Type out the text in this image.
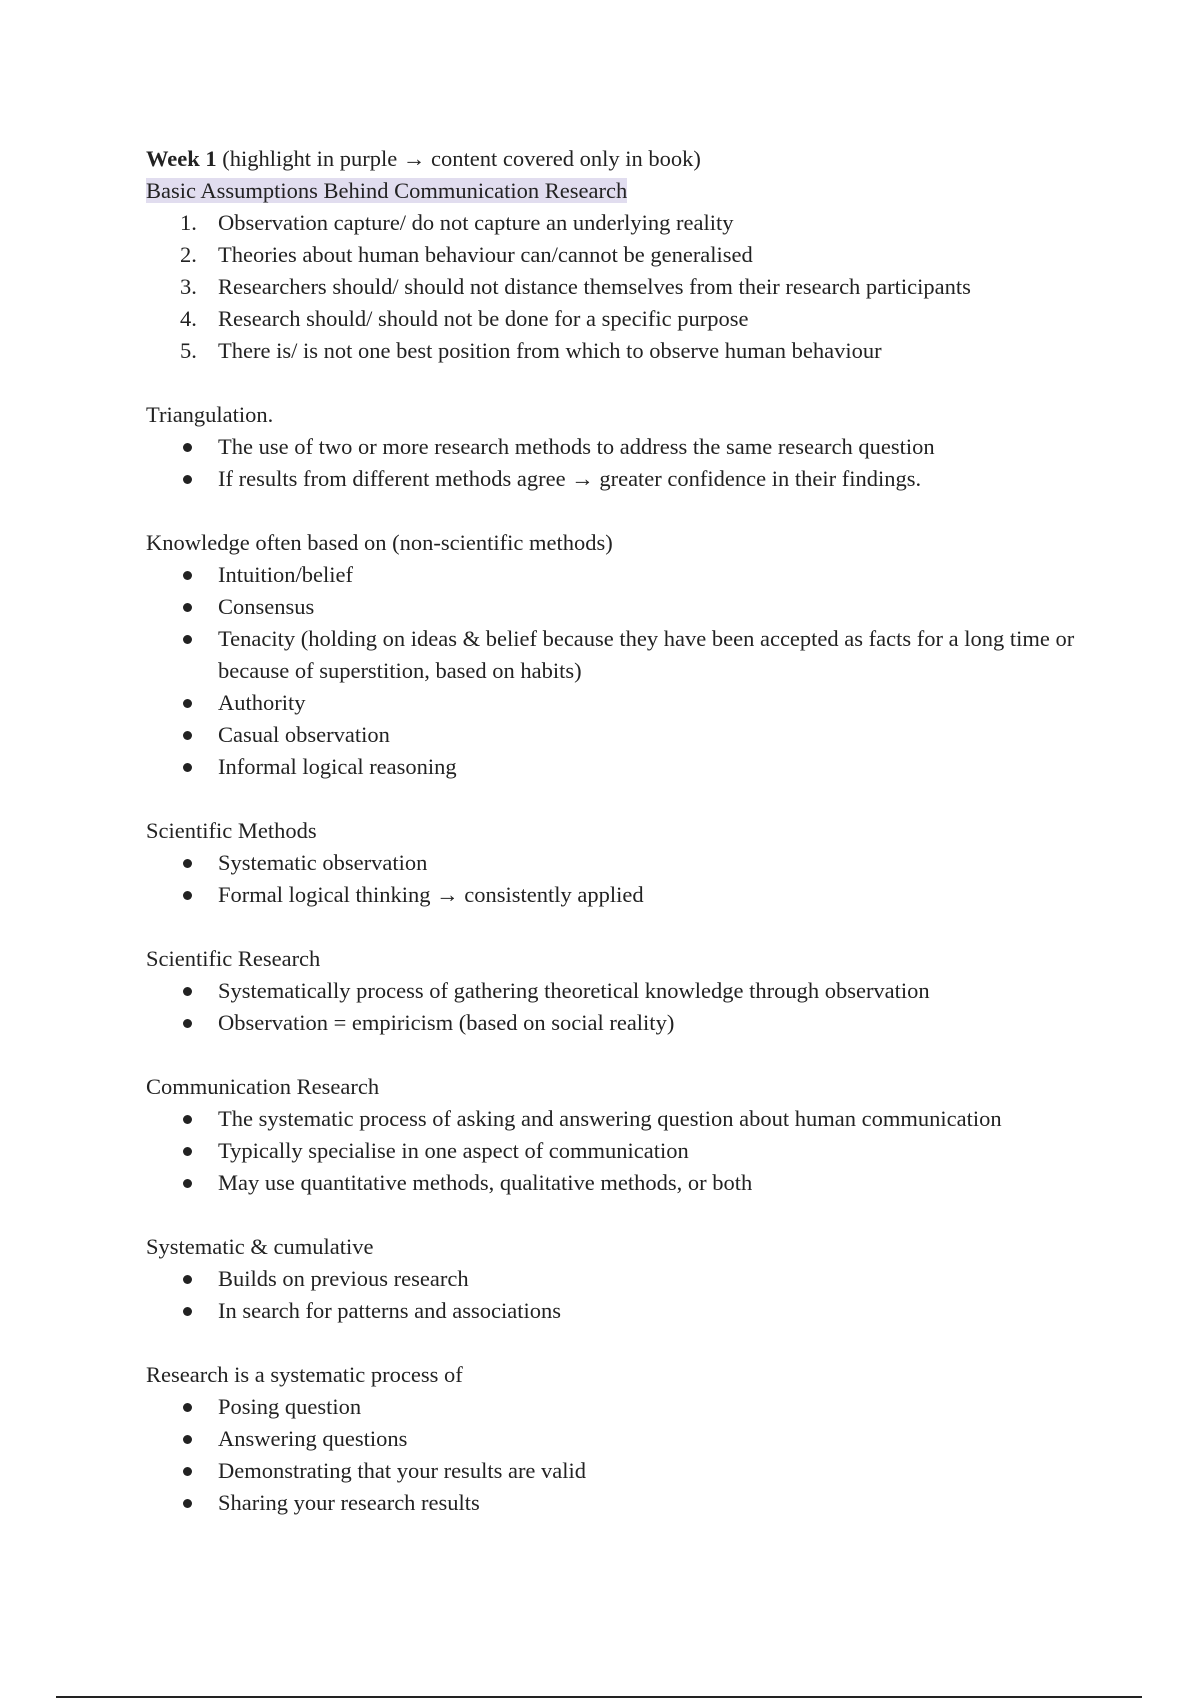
Week 1 (highlight in purple → content covered only in book)

Basic Assumptions Behind Communication Research

1. Observation capture/ do not capture an underlying reality
2. Theories about human behaviour can/cannot be generalised
3. Researchers should/ should not distance themselves from their research participants
4. Research should/ should not be done for a specific purpose
5. There is/ is not one best position from which to observe human behaviour

Triangulation.

The use of two or more research methods to address the same research question
If results from different methods agree → greater confidence in their findings.

Knowledge often based on (non-scientific methods)

Intuition/belief
Consensus
Tenacity (holding on ideas & belief because they have been accepted as facts for a long time or because of superstition, based on habits)
Authority
Casual observation
Informal logical reasoning

Scientific Methods

Systematic observation
Formal logical thinking → consistently applied

Scientific Research

Systematically process of gathering theoretical knowledge through observation
Observation = empiricism (based on social reality)

Communication Research

The systematic process of asking and answering question about human communication
Typically specialise in one aspect of communication
May use quantitative methods, qualitative methods, or both

Systematic & cumulative

Builds on previous research
In search for patterns and associations

Research is a systematic process of

Posing question
Answering questions
Demonstrating that your results are valid
Sharing your research results
